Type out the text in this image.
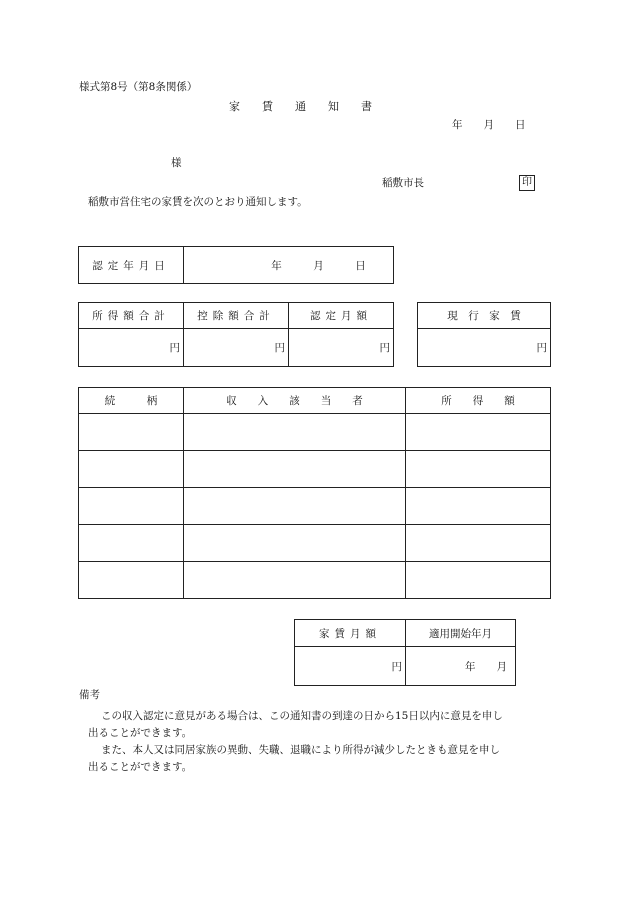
様式第8号（第8条関係）
家　　賃　　通　　知　　書
年　　月　　日
様
稲敷市長	印
稲敷市営住宅の家賃を次のとおり通知します。
認定年月日	年　　　月　　　日
所得額合計	控除額合計	認定月額
円	円	円
現　行　家　賃
円
続　　　柄	収　　入　　該　　当　　者	所　　得　　額

家賃月額	適用開始年月
円	年　　月
備考
この収入認定に意見がある場合は、この通知書の到達の日から15日以内に意見を申し
出ることができます。
また、本人又は同居家族の異動、失職、退職により所得が減少したときも意見を申し
出ることができます。
